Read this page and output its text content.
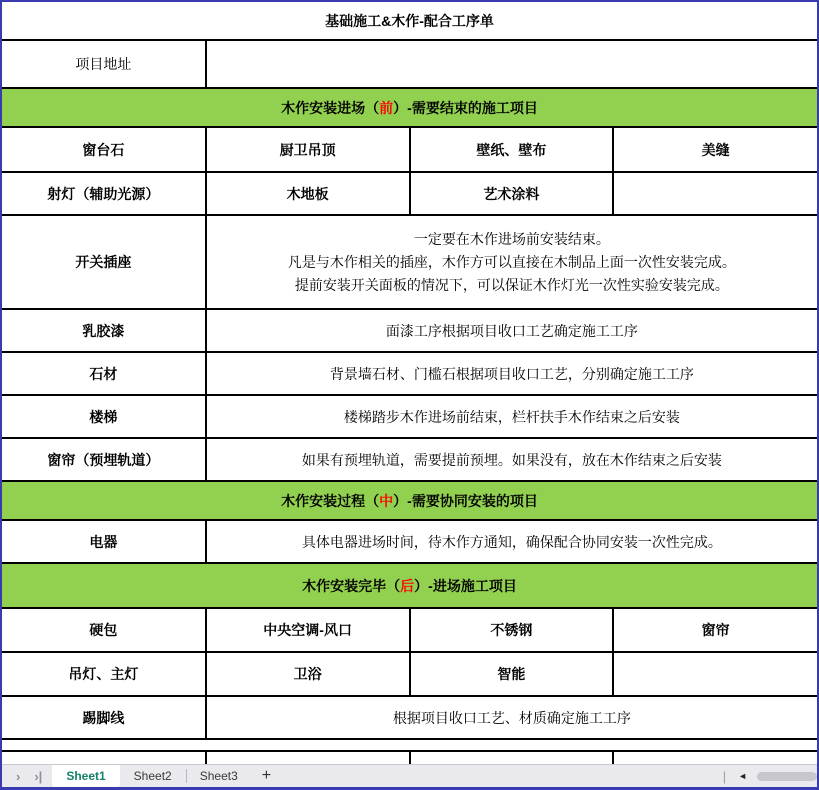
基础施工&木作-配合工序单			
项目地址			
木作安装进场（前）-需要结束的施工项目			
窗台石	厨卫吊顶	壁纸、壁布	美缝
射灯（辅助光源）	木地板	艺术涂料	
开关插座	一定要在木作进场前安装结束。
凡是与木作相关的插座，木作方可以直接在木制品上面一次性安装完成。
提前安装开关面板的情况下，可以保证木作灯光一次性实验安装完成。		

乳胶漆	面漆工序根据项目收口工艺确定施工工序		
石材	背景墙石材、门槛石根据项目收口工艺，分别确定施工工序		
楼梯	楼梯踏步木作进场前结束，栏杆扶手木作结束之后安装		
窗帘（预埋轨道）	如果有预埋轨道，需要提前预埋。如果没有，放在木作结束之后安装		
木作安装过程（中）-需要协同安装的项目			
电器	具体电器进场时间，待木作方通知，确保配合协同安装一次性完成。		
木作安装完毕（后）-进场施工项目			
硬包	中央空调-风口	不锈钢	窗帘
吊灯、主灯	卫浴	智能	
踢脚线	根据项目收口工艺、材质确定施工工序		

› ›|	Sheet1	Sheet2	Sheet3	+	| ◄
